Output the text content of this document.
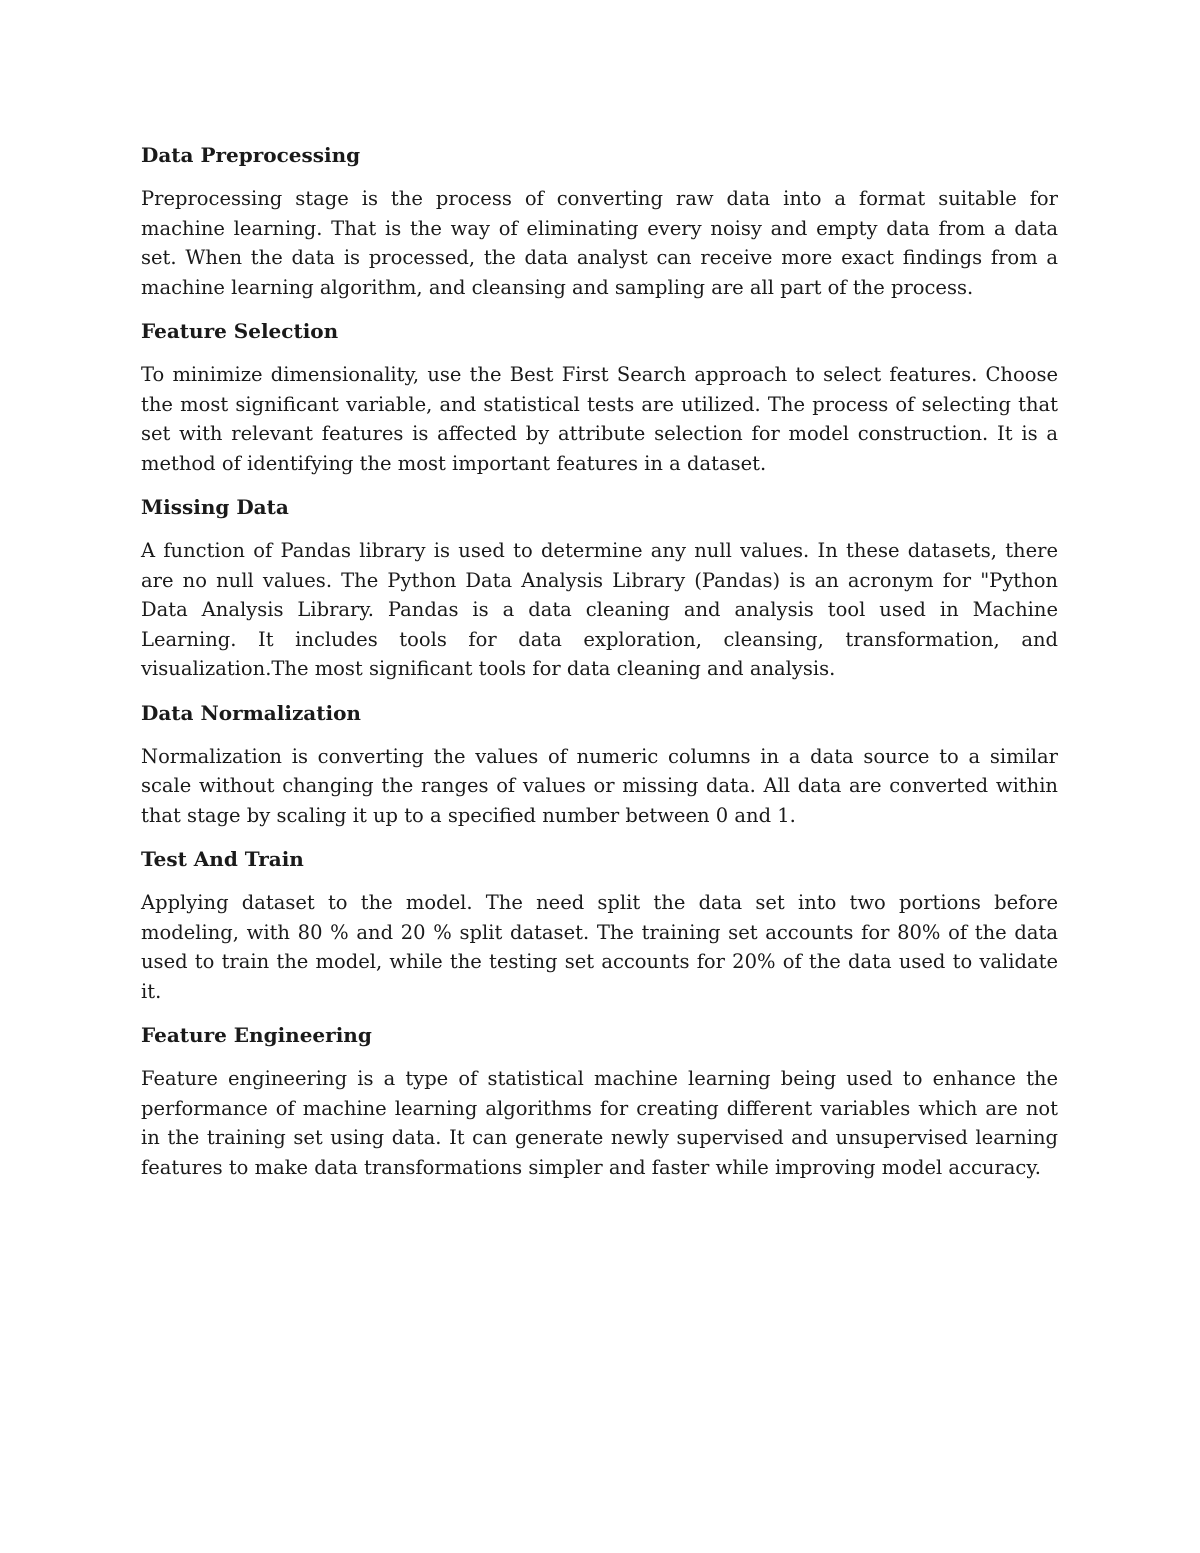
Data Preprocessing

Preprocessing stage is the process of converting raw data into a format suitable for machine learning. That is the way of eliminating every noisy and empty data from a data set. When the data is processed, the data analyst can receive more exact findings from a machine learning algorithm, and cleansing and sampling are all part of the process.

Feature Selection

To minimize dimensionality, use the Best First Search approach to select features. Choose the most significant variable, and statistical tests are utilized. The process of selecting that set with relevant features is affected by attribute selection for model construction. It is a method of identifying the most important features in a dataset.

Missing Data

A function of Pandas library is used to determine any null values. In these datasets, there are no null values. The Python Data Analysis Library (Pandas) is an acronym for "Python Data Analysis Library. Pandas is a data cleaning and analysis tool used in Machine Learning. It includes tools for data exploration, cleansing, transformation, and visualization.The most significant tools for data cleaning and analysis.

Data Normalization

Normalization is converting the values of numeric columns in a data source to a similar scale without changing the ranges of values or missing data. All data are converted within that stage by scaling it up to a specified number between 0 and 1.

Test And Train

Applying dataset to the model. The need split the data set into two portions before modeling, with 80 % and 20 % split dataset. The training set accounts for 80% of the data used to train the model, while the testing set accounts for 20% of the data used to validate it.

Feature Engineering

Feature engineering is a type of statistical machine learning being used to enhance the performance of machine learning algorithms for creating different variables which are not in the training set using data. It can generate newly supervised and unsupervised learning features to make data transformations simpler and faster while improving model accuracy.
